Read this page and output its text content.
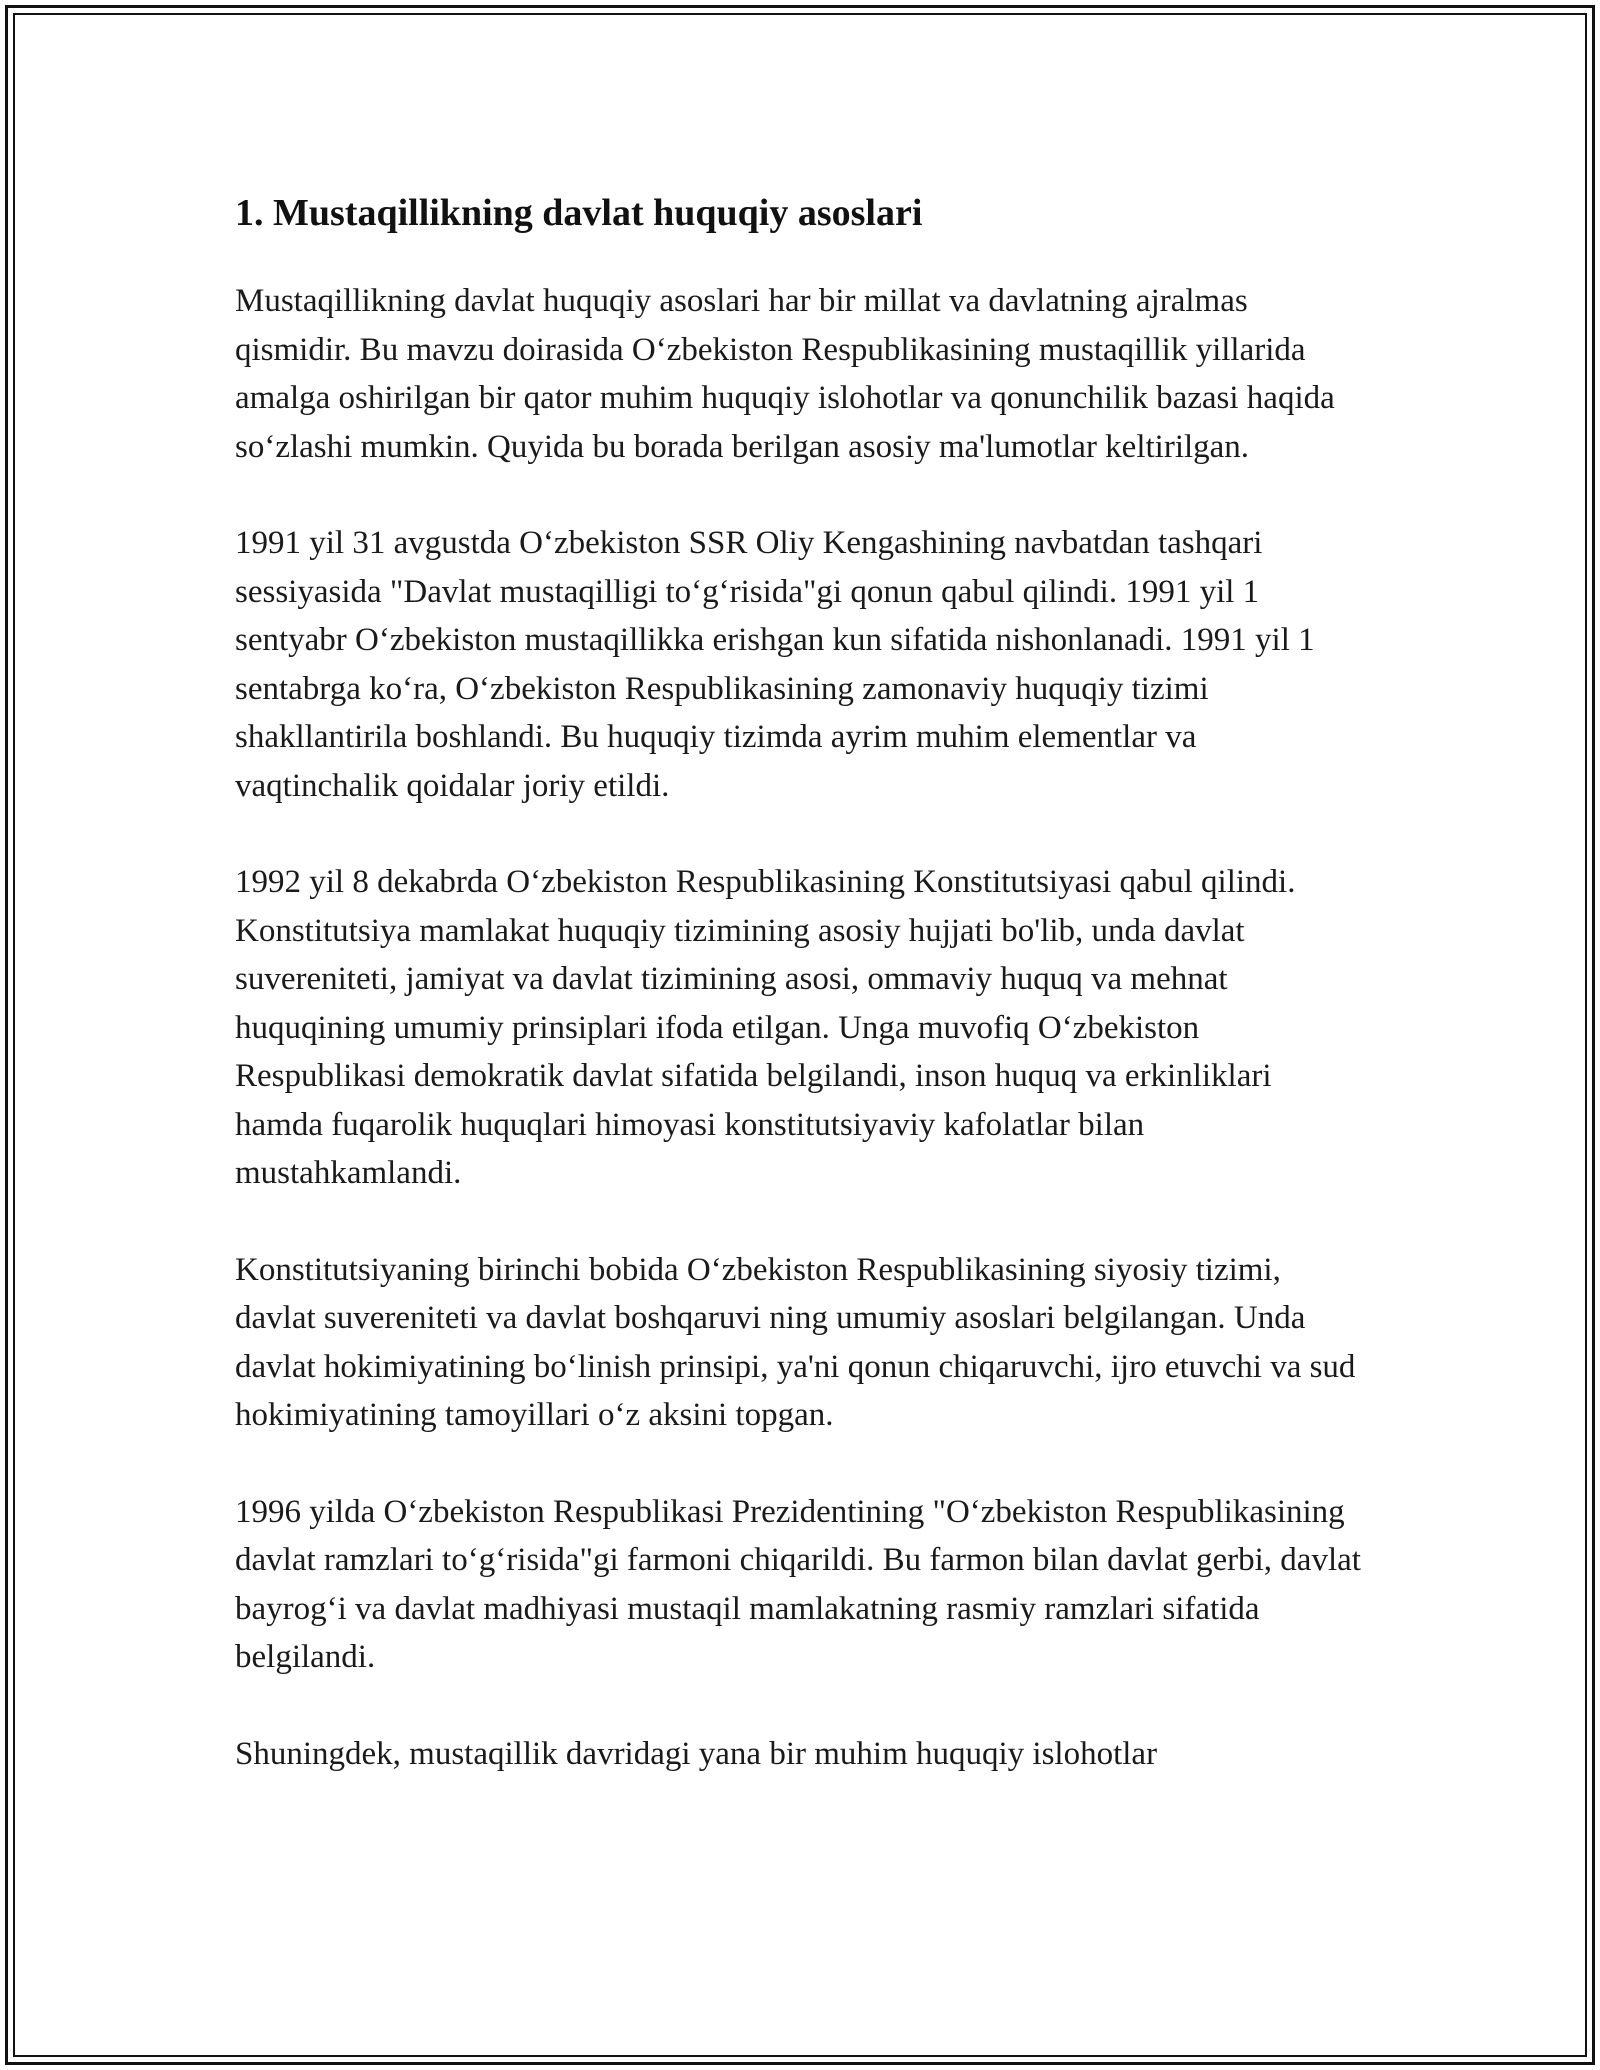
1. Mustaqillikning davlat huquqiy asoslari

Mustaqillikning davlat huquqiy asoslari har bir millat va davlatning ajralmas qismidir. Bu mavzu doirasida O‘zbekiston Respublikasining mustaqillik yillarida amalga oshirilgan bir qator muhim huquqiy islohotlar va qonunchilik bazasi haqida so‘zlashi mumkin. Quyida bu borada berilgan asosiy ma'lumotlar keltirilgan.

1991 yil 31 avgustda O‘zbekiston SSR Oliy Kengashining navbatdan tashqari sessiyasida "Davlat mustaqilligi to‘g‘risida"gi qonun qabul qilindi. 1991 yil 1 sentyabr O‘zbekiston mustaqillikka erishgan kun sifatida nishonlanadi. 1991 yil 1 sentabrga ko‘ra, O‘zbekiston Respublikasining zamonaviy huquqiy tizimi shakllantirila boshlandi. Bu huquqiy tizimda ayrim muhim elementlar va vaqtinchalik qoidalar joriy etildi.

1992 yil 8 dekabrda O‘zbekiston Respublikasining Konstitutsiyasi qabul qilindi. Konstitutsiya mamlakat huquqiy tizimining asosiy hujjati bo'lib, unda davlat suvereniteti, jamiyat va davlat tizimining asosi, ommaviy huquq va mehnat huquqining umumiy prinsiplari ifoda etilgan. Unga muvofiq O‘zbekiston Respublikasi demokratik davlat sifatida belgilandi, inson huquq va erkinliklari hamda fuqarolik huquqlari himoyasi konstitutsiyaviy kafolatlar bilan mustahkamlandi.

Konstitutsiyaning birinchi bobida O‘zbekiston Respublikasining siyosiy tizimi, davlat suvereniteti va davlat boshqaruvi ning umumiy asoslari belgilangan. Unda davlat hokimiyatining bo‘linish prinsipi, ya'ni qonun chiqaruvchi, ijro etuvchi va sud hokimiyatining tamoyillari o‘z aksini topgan.

1996 yilda O‘zbekiston Respublikasi Prezidentining "O‘zbekiston Respublikasining davlat ramzlari to‘g‘risida"gi farmoni chiqarildi. Bu farmon bilan davlat gerbi, davlat bayrog‘i va davlat madhiyasi mustaqil mamlakatning rasmiy ramzlari sifatida belgilandi.

Shuningdek, mustaqillik davridagi yana bir muhim huquqiy islohotlar
